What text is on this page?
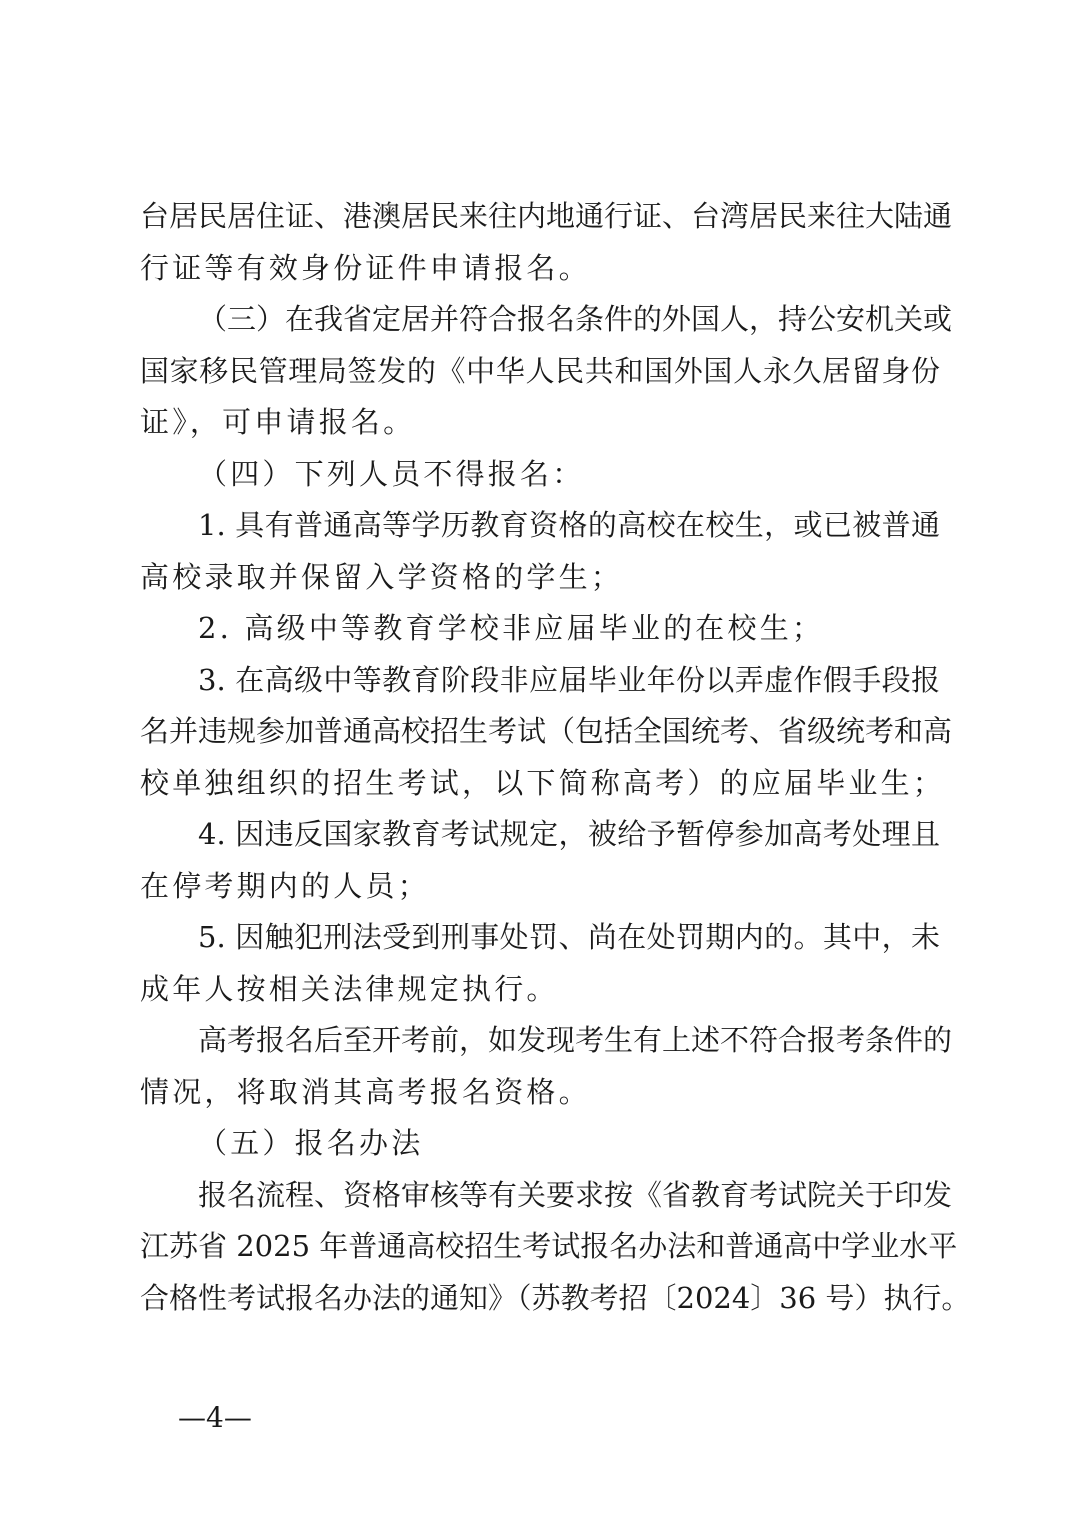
台居民居住证、港澳居民来往内地通行证、台湾居民来往大陆通
行证等有效身份证件申请报名。
（三）在我省定居并符合报名条件的外国人，持公安机关或
国家移民管理局签发的《中华人民共和国外国人永久居留身份
证》，可申请报名。
（四）下列人员不得报名：
1. 具有普通高等学历教育资格的高校在校生，或已被普通
高校录取并保留入学资格的学生；
2. 高级中等教育学校非应届毕业的在校生；
3. 在高级中等教育阶段非应届毕业年份以弄虚作假手段报
名并违规参加普通高校招生考试（包括全国统考、省级统考和高
校单独组织的招生考试，以下简称高考）的应届毕业生；
4. 因违反国家教育考试规定，被给予暂停参加高考处理且
在停考期内的人员；
5. 因触犯刑法受到刑事处罚、尚在处罚期内的。其中，未
成年人按相关法律规定执行。
高考报名后至开考前，如发现考生有上述不符合报考条件的
情况，将取消其高考报名资格。
（五）报名办法
报名流程、资格审核等有关要求按《省教育考试院关于印发
江苏省 2025 年普通高校招生考试报名办法和普通高中学业水平
合格性考试报名办法的通知》（苏教考招〔2024〕36 号）执行。
—4—
